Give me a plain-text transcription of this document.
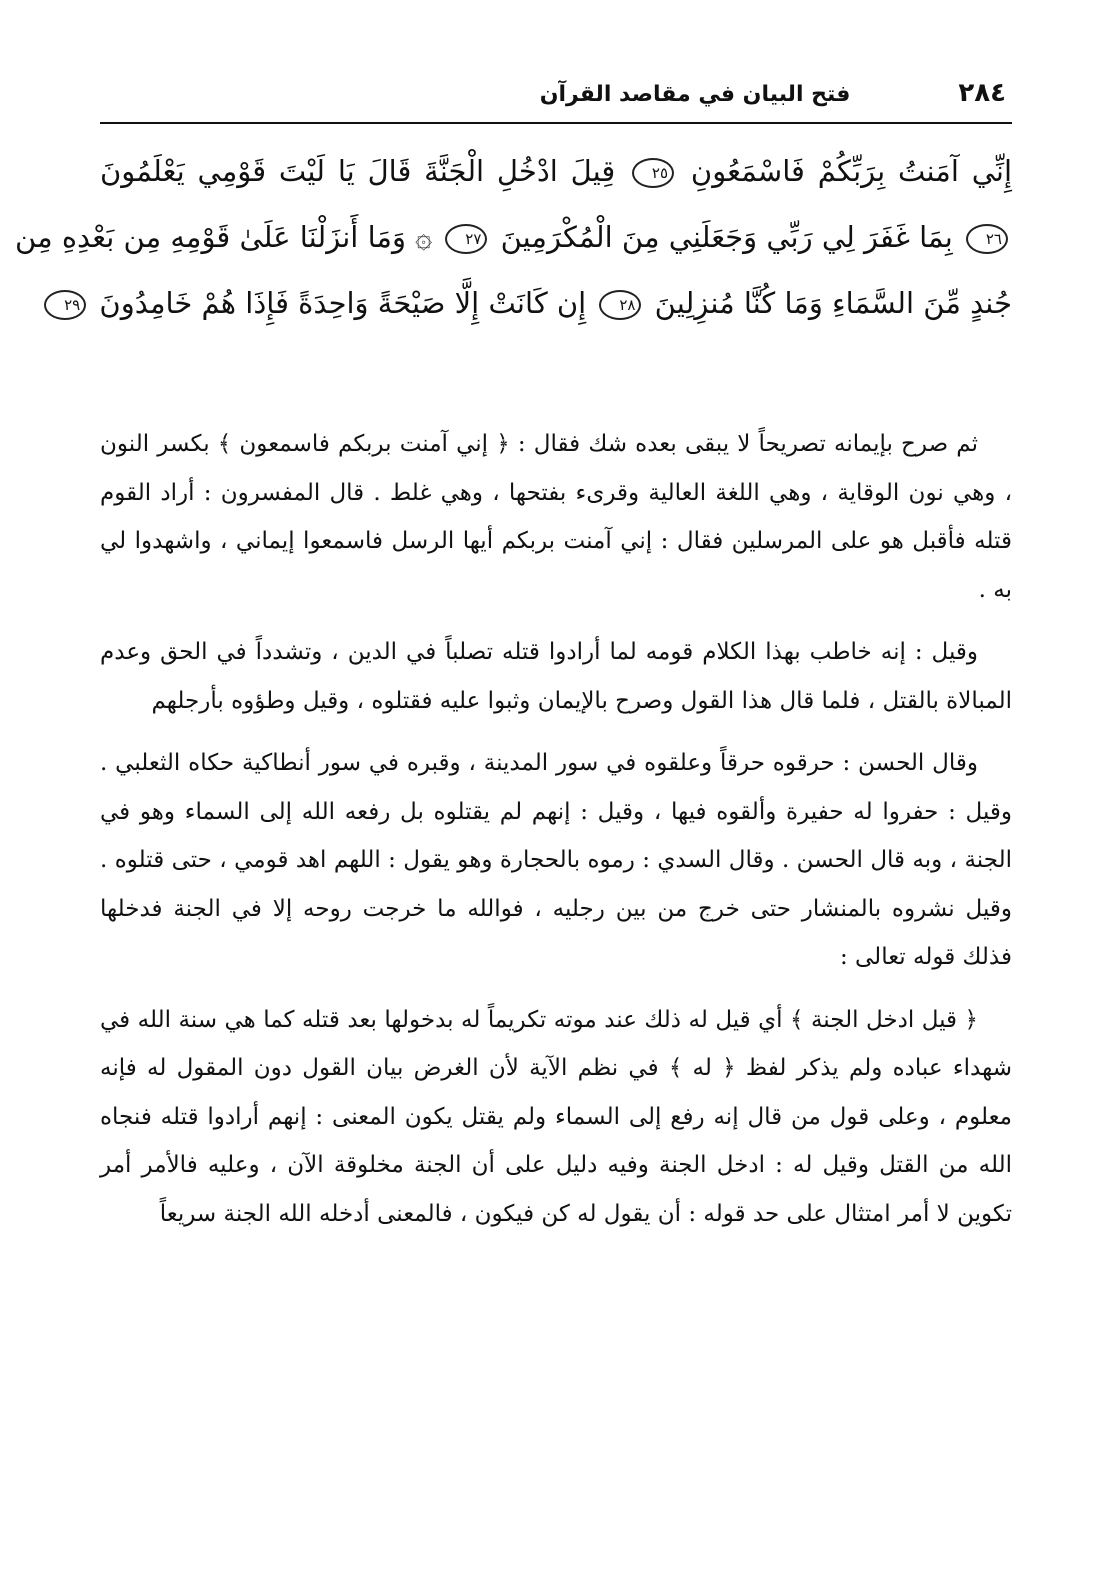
٢٨٤
فتح البيان في مقاصد القرآن
إِنِّي آمَنتُ بِرَبِّكُمْ فَاسْمَعُونِ ٢٥ قِيلَ ادْخُلِ الْجَنَّةَ قَالَ يَا لَيْتَ قَوْمِي يَعْلَمُونَ
٢٦ بِمَا غَفَرَ لِي رَبِّي وَجَعَلَنِي مِنَ الْمُكْرَمِينَ ٢٧ ۞ وَمَا أَنزَلْنَا عَلَىٰ قَوْمِهِ مِن بَعْدِهِ مِن
جُندٍ مِّنَ السَّمَاءِ وَمَا كُنَّا مُنزِلِينَ ٢٨ إِن كَانَتْ إِلَّا صَيْحَةً وَاحِدَةً فَإِذَا هُمْ خَامِدُونَ ٢٩

ثم صرح بإيمانه تصريحاً لا يبقى بعده شك فقال : ﴿ إني آمنت بربكم فاسمعون ﴾ بكسر النون ، وهي نون الوقاية ، وهي اللغة العالية وقرىء بفتحها ، وهي غلط . قال المفسرون : أراد القوم قتله فأقبل هو على المرسلين فقال : إني آمنت بربكم أيها الرسل فاسمعوا إيماني ، واشهدوا لي به .

وقيل : إنه خاطب بهذا الكلام قومه لما أرادوا قتله تصلباً في الدين ، وتشدداً في الحق وعدم المبالاة بالقتل ، فلما قال هذا القول وصرح بالإيمان وثبوا عليه فقتلوه ، وقيل وطؤوه بأرجلهم

وقال الحسن : حرقوه حرقاً وعلقوه في سور المدينة ، وقبره في سور أنطاكية حكاه الثعلبي . وقيل : حفروا له حفيرة وألقوه فيها ، وقيل : إنهم لم يقتلوه بل رفعه الله إلى السماء وهو في الجنة ، وبه قال الحسن . وقال السدي : رموه بالحجارة وهو يقول : اللهم اهد قومي ، حتى قتلوه . وقيل نشروه بالمنشار حتى خرج من بين رجليه ، فوالله ما خرجت روحه إلا في الجنة فدخلها فذلك قوله تعالى :

﴿ قيل ادخل الجنة ﴾ أي قيل له ذلك عند موته تكريماً له بدخولها بعد قتله كما هي سنة الله في شهداء عباده ولم يذكر لفظ ﴿ له ﴾ في نظم الآية لأن الغرض بيان القول دون المقول له فإنه معلوم ، وعلى قول من قال إنه رفع إلى السماء ولم يقتل يكون المعنى : إنهم أرادوا قتله فنجاه الله من القتل وقيل له : ادخل الجنة وفيه دليل على أن الجنة مخلوقة الآن ، وعليه فالأمر أمر تكوين لا أمر امتثال على حد قوله : أن يقول له كن فيكون ، فالمعنى أدخله الله الجنة سريعاً
